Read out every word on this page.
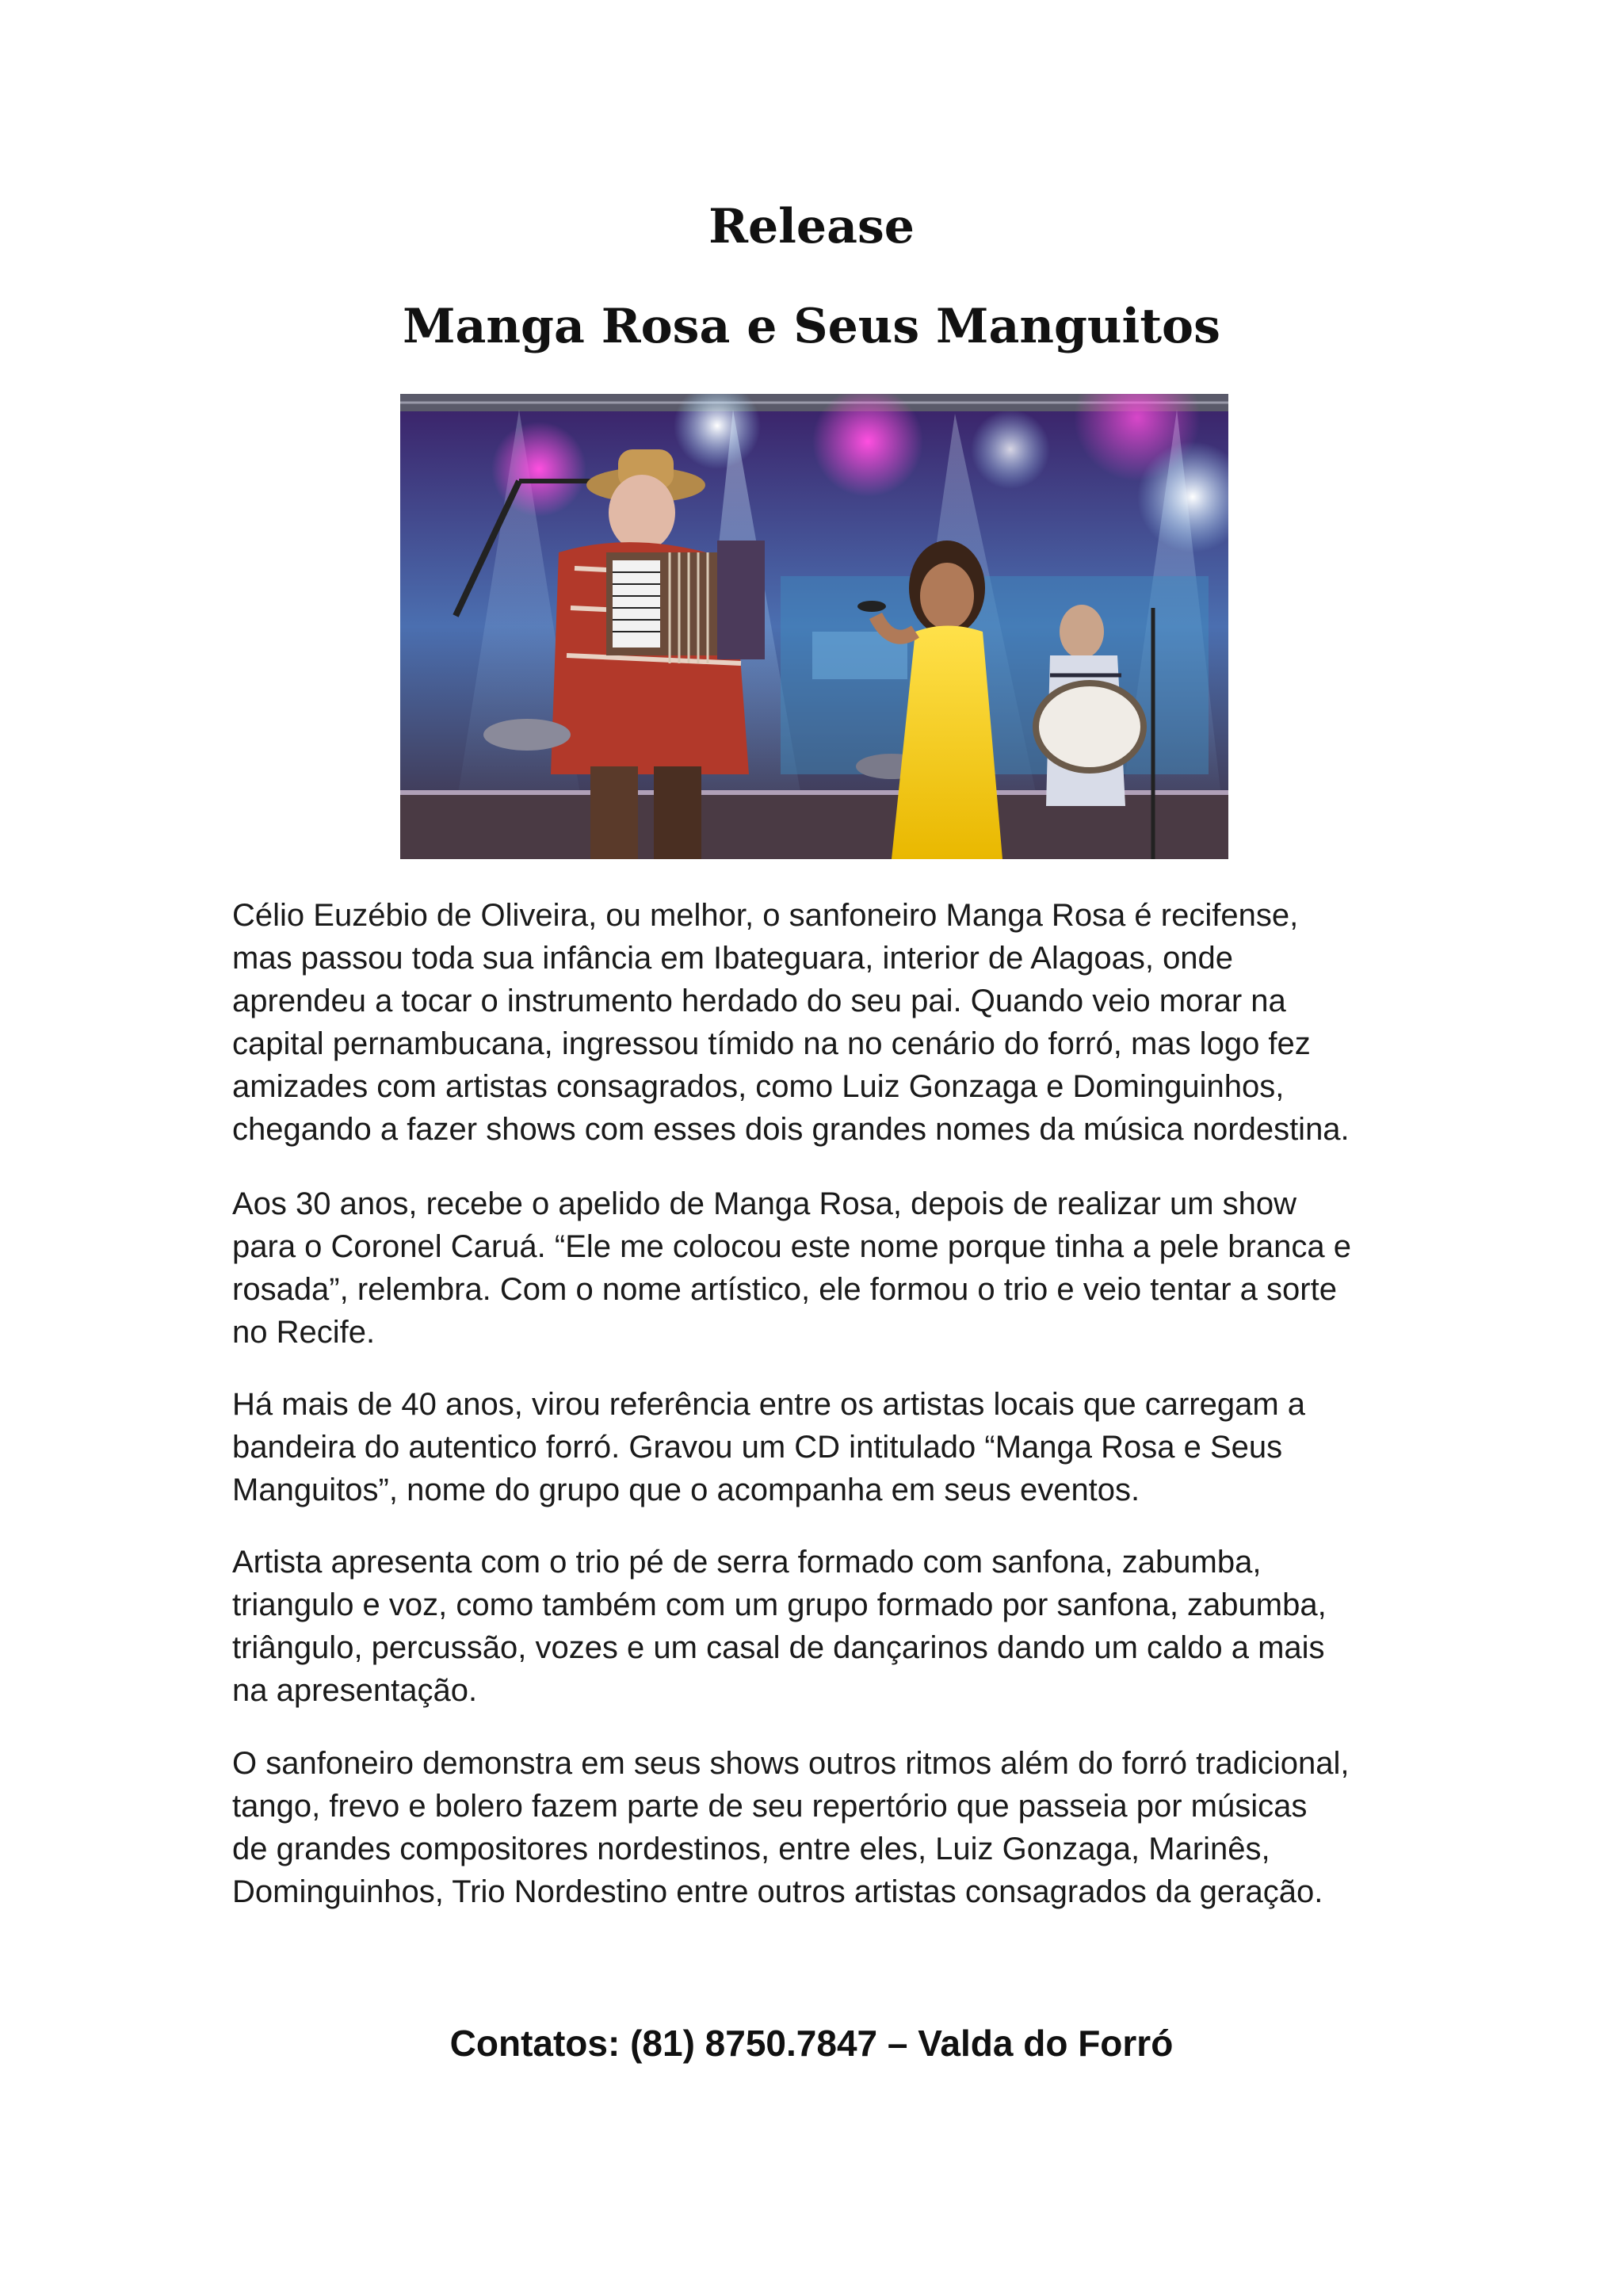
Release
Manga Rosa e Seus Manguitos

Célio Euzébio de Oliveira, ou melhor, o sanfoneiro Manga Rosa é recifense,

mas passou toda sua infância em Ibateguara, interior de Alagoas, onde

aprendeu a tocar o instrumento herdado do seu pai. Quando veio morar na

capital pernambucana, ingressou tímido na no cenário do forró, mas logo fez

amizades com artistas consagrados, como Luiz Gonzaga e Dominguinhos,

chegando a fazer shows com esses dois grandes nomes da música nordestina.

Aos 30 anos, recebe o apelido de Manga Rosa, depois de realizar um show

para o Coronel Caruá. “Ele me colocou este nome porque tinha a pele branca e

rosada”, relembra. Com o nome artístico, ele formou o trio e veio tentar a sorte

no Recife.

Há mais de 40 anos, virou referência entre os artistas locais que carregam a

bandeira do autentico forró. Gravou um CD intitulado “Manga Rosa e Seus

Manguitos”, nome do grupo que o acompanha em seus eventos.

Artista apresenta com o trio pé de serra formado com sanfona, zabumba,

triangulo e voz, como também com um grupo formado por sanfona, zabumba,

triângulo, percussão, vozes e um casal de dançarinos dando um caldo a mais

na apresentação.

O sanfoneiro demonstra em seus shows outros ritmos além do forró tradicional,

tango, frevo e bolero fazem parte de seu repertório que passeia por músicas

de grandes compositores nordestinos, entre eles, Luiz Gonzaga, Marinês,

Dominguinhos, Trio Nordestino entre outros artistas consagrados da geração.

Contatos: (81) 8750.7847 – Valda do Forró
